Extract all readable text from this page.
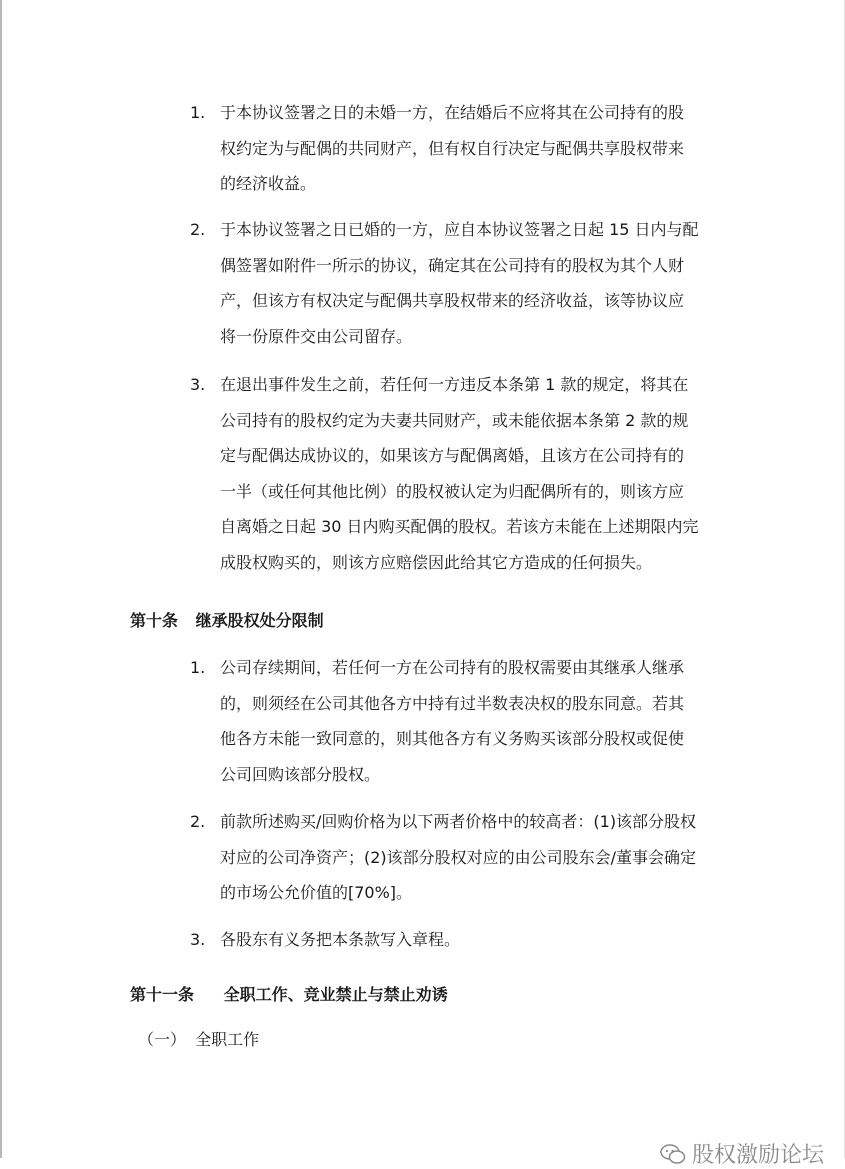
1. 于本协议签署之日的未婚一方，在结婚后不应将其在公司持有的股
权约定为与配偶的共同财产，但有权自行决定与配偶共享股权带来
的经济收益。
2. 于本协议签署之日已婚的一方，应自本协议签署之日起 15 日内与配
偶签署如附件一所示的协议，确定其在公司持有的股权为其个人财
产，但该方有权决定与配偶共享股权带来的经济收益，该等协议应
将一份原件交由公司留存。
3. 在退出事件发生之前，若任何一方违反本条第 1 款的规定，将其在
公司持有的股权约定为夫妻共同财产，或未能依据本条第 2 款的规
定与配偶达成协议的，如果该方与配偶离婚，且该方在公司持有的
一半（或任何其他比例）的股权被认定为归配偶所有的，则该方应
自离婚之日起 30 日内购买配偶的股权。若该方未能在上述期限内完
成股权购买的，则该方应赔偿因此给其它方造成的任何损失。
第十条 继承股权处分限制
1. 公司存续期间，若任何一方在公司持有的股权需要由其继承人继承
的，则须经在公司其他各方中持有过半数表决权的股东同意。若其
他各方未能一致同意的，则其他各方有义务购买该部分股权或促使
公司回购该部分股权。
2. 前款所述购买/回购价格为以下两者价格中的较高者：(1)该部分股权
对应的公司净资产；(2)该部分股权对应的由公司股东会/董事会确定
的市场公允价值的[70%]。
3. 各股东有义务把本条款写入章程。
第十一条 全职工作、竞业禁止与禁止劝诱
（一） 全职工作
股权激励论坛
